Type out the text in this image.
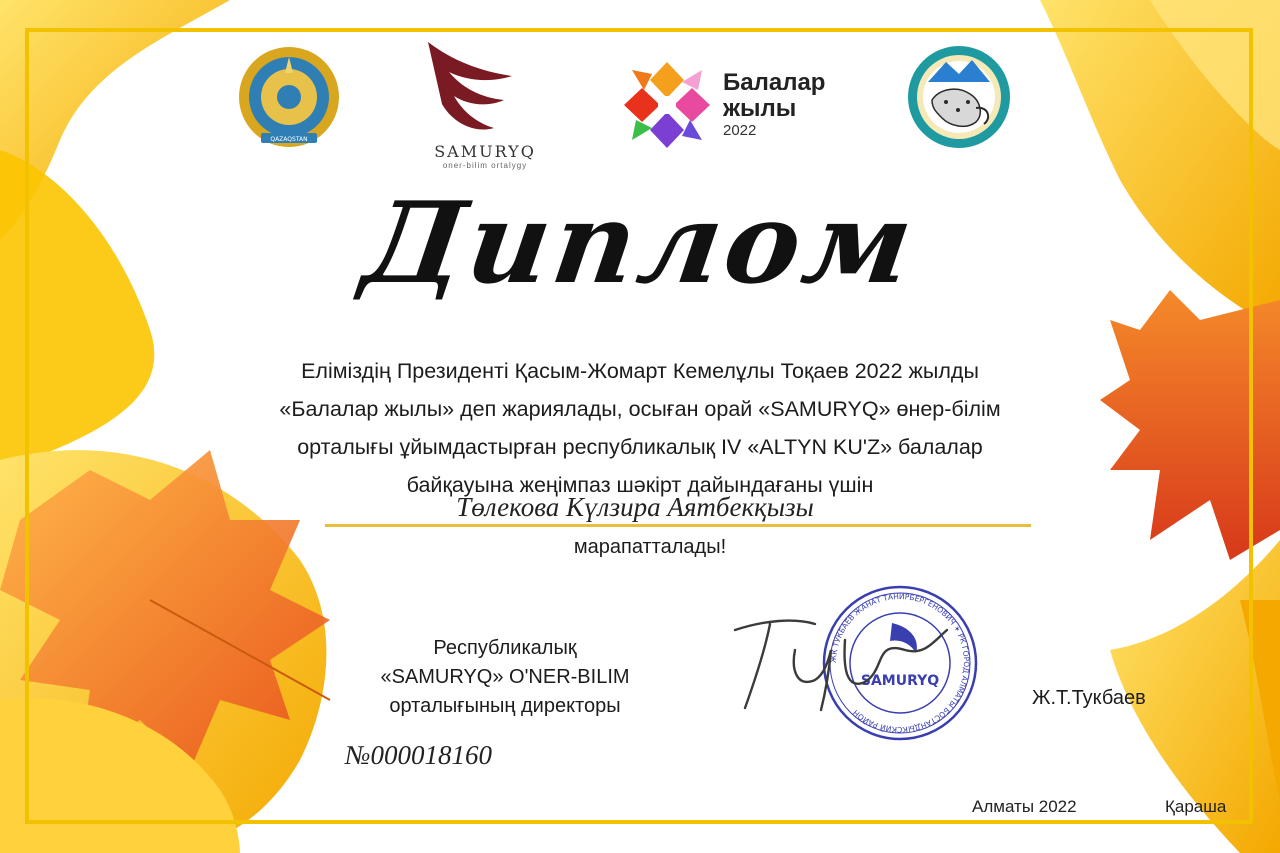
QAZAQSTAN
SAMURYQ
oner-bilim ortalygy
Балалар
жылы
2022
Диплом
Еліміздің Президенті Қасым-Жомарт Кемелұлы Тоқаев 2022 жылды
«Балалар жылы» деп жариялады, осыған орай «SAMURYQ» өнер-білім
орталығы ұйымдастырған республикалық IV «ALTYN KU'Z» балалар
байқауына жеңімпаз шәкірт дайындағаны үшін
Төлекова Күлзира Аятбекқызы
марапатталады!
Республикалық
«SAMURYQ» O'NER-BILIM
орталығының директоры
ЖК ТУКБАЕВ ЖАНАТ ТАНИРБЕРГЕНОВИЧ ✶ РК ГОРОД АЛМАТЫ БОСТАНДЫКСКИЙ РАЙОН
SAMURYQ
Тук
Ж.Т.Тукбаев
№000018160
Алматы 2022	Қараша
